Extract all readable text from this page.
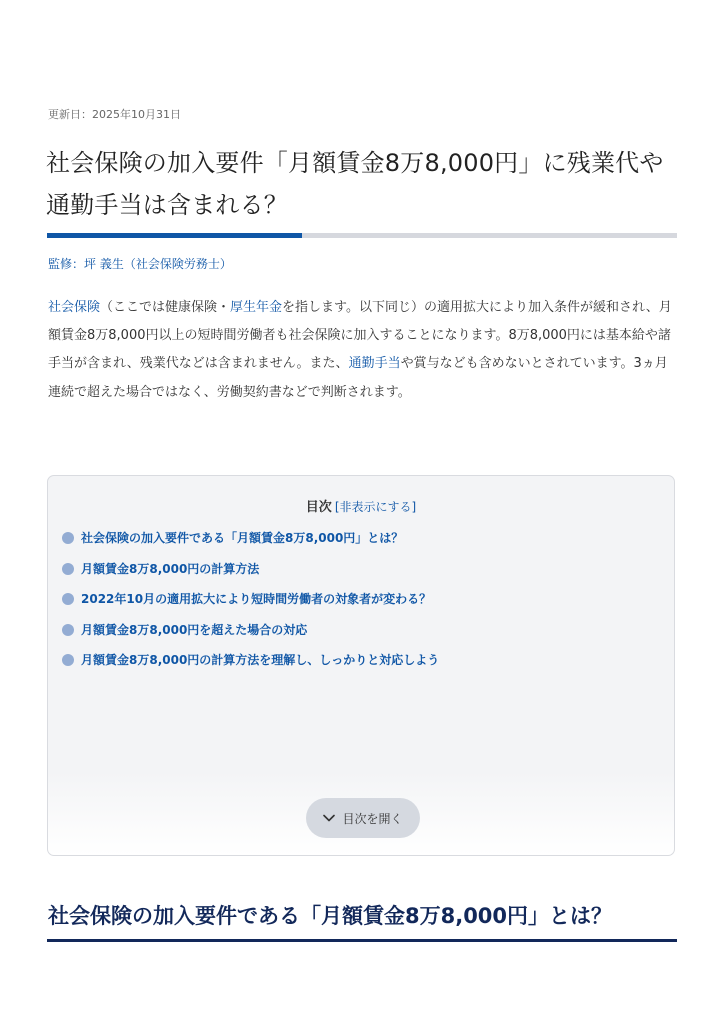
更新日：2025年10月31日
社会保険の加入要件「月額賃金8万8,000円」に残業代や通勤手当は含まれる？
監修：坪 義生（社会保険労務士）

社会保険（ここでは健康保険・厚生年金を指します。以下同じ）の適用拡大により加入条件が緩和され、月額賃金8万8,000円以上の短時間労働者も社会保険に加入することになります。8万8,000円には基本給や諸手当が含まれ、残業代などは含まれません。また、通勤手当や賞与なども含めないとされています。3ヵ月連続で超えた場合ではなく、労働契約書などで判断されます。

目次 [非表示にする]
社会保険の加入要件である「月額賃金8万8,000円」とは？
月額賃金8万8,000円の計算方法
2022年10月の適用拡大により短時間労働者の対象者が変わる？
月額賃金8万8,000円を超えた場合の対応
月額賃金8万8,000円の計算方法を理解し、しっかりと対応しよう
目次を開く
社会保険の加入要件である「月額賃金8万8,000円」とは？
